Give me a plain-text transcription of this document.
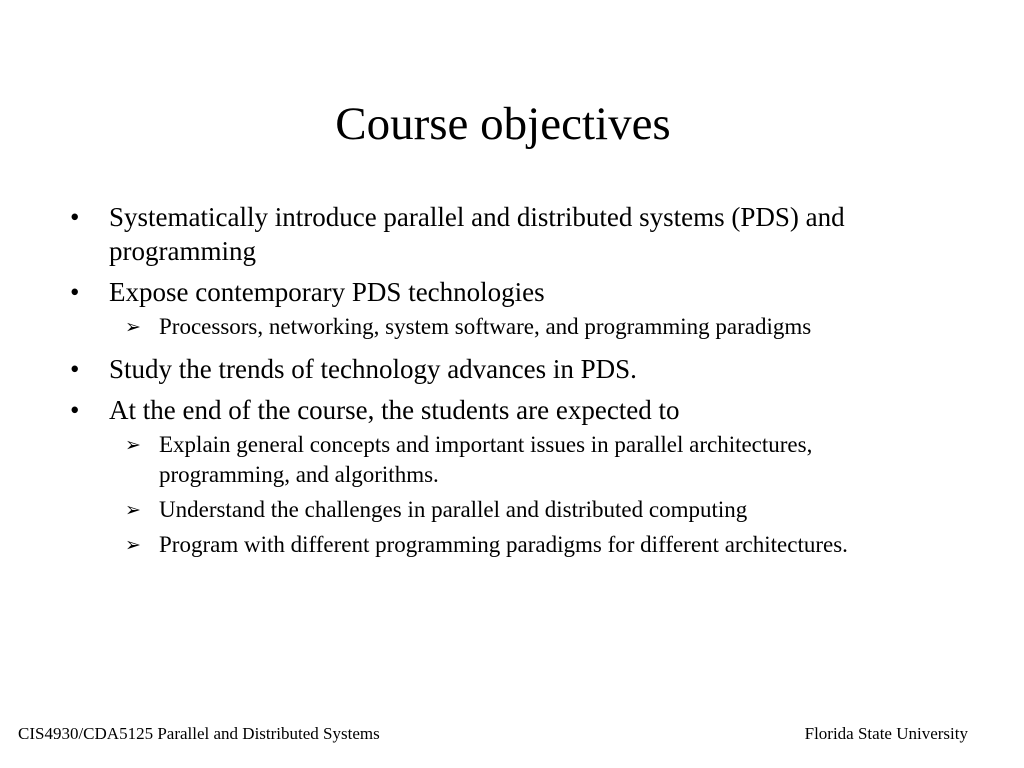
Course objectives
•	Systematically introduce parallel and distributed systems (PDS) and programming
•	Expose contemporary PDS technologies
➢ Processors, networking, system software, and programming paradigms
•	Study the trends of technology advances in PDS.
•	At the end of the course, the students are expected to
➢ Explain general concepts and important issues in parallel architectures, programming, and algorithms.
➢ Understand the challenges in parallel and distributed computing
➢ Program with different programming paradigms for different architectures.
CIS4930/CDA5125 Parallel and Distributed Systems	Florida State University
